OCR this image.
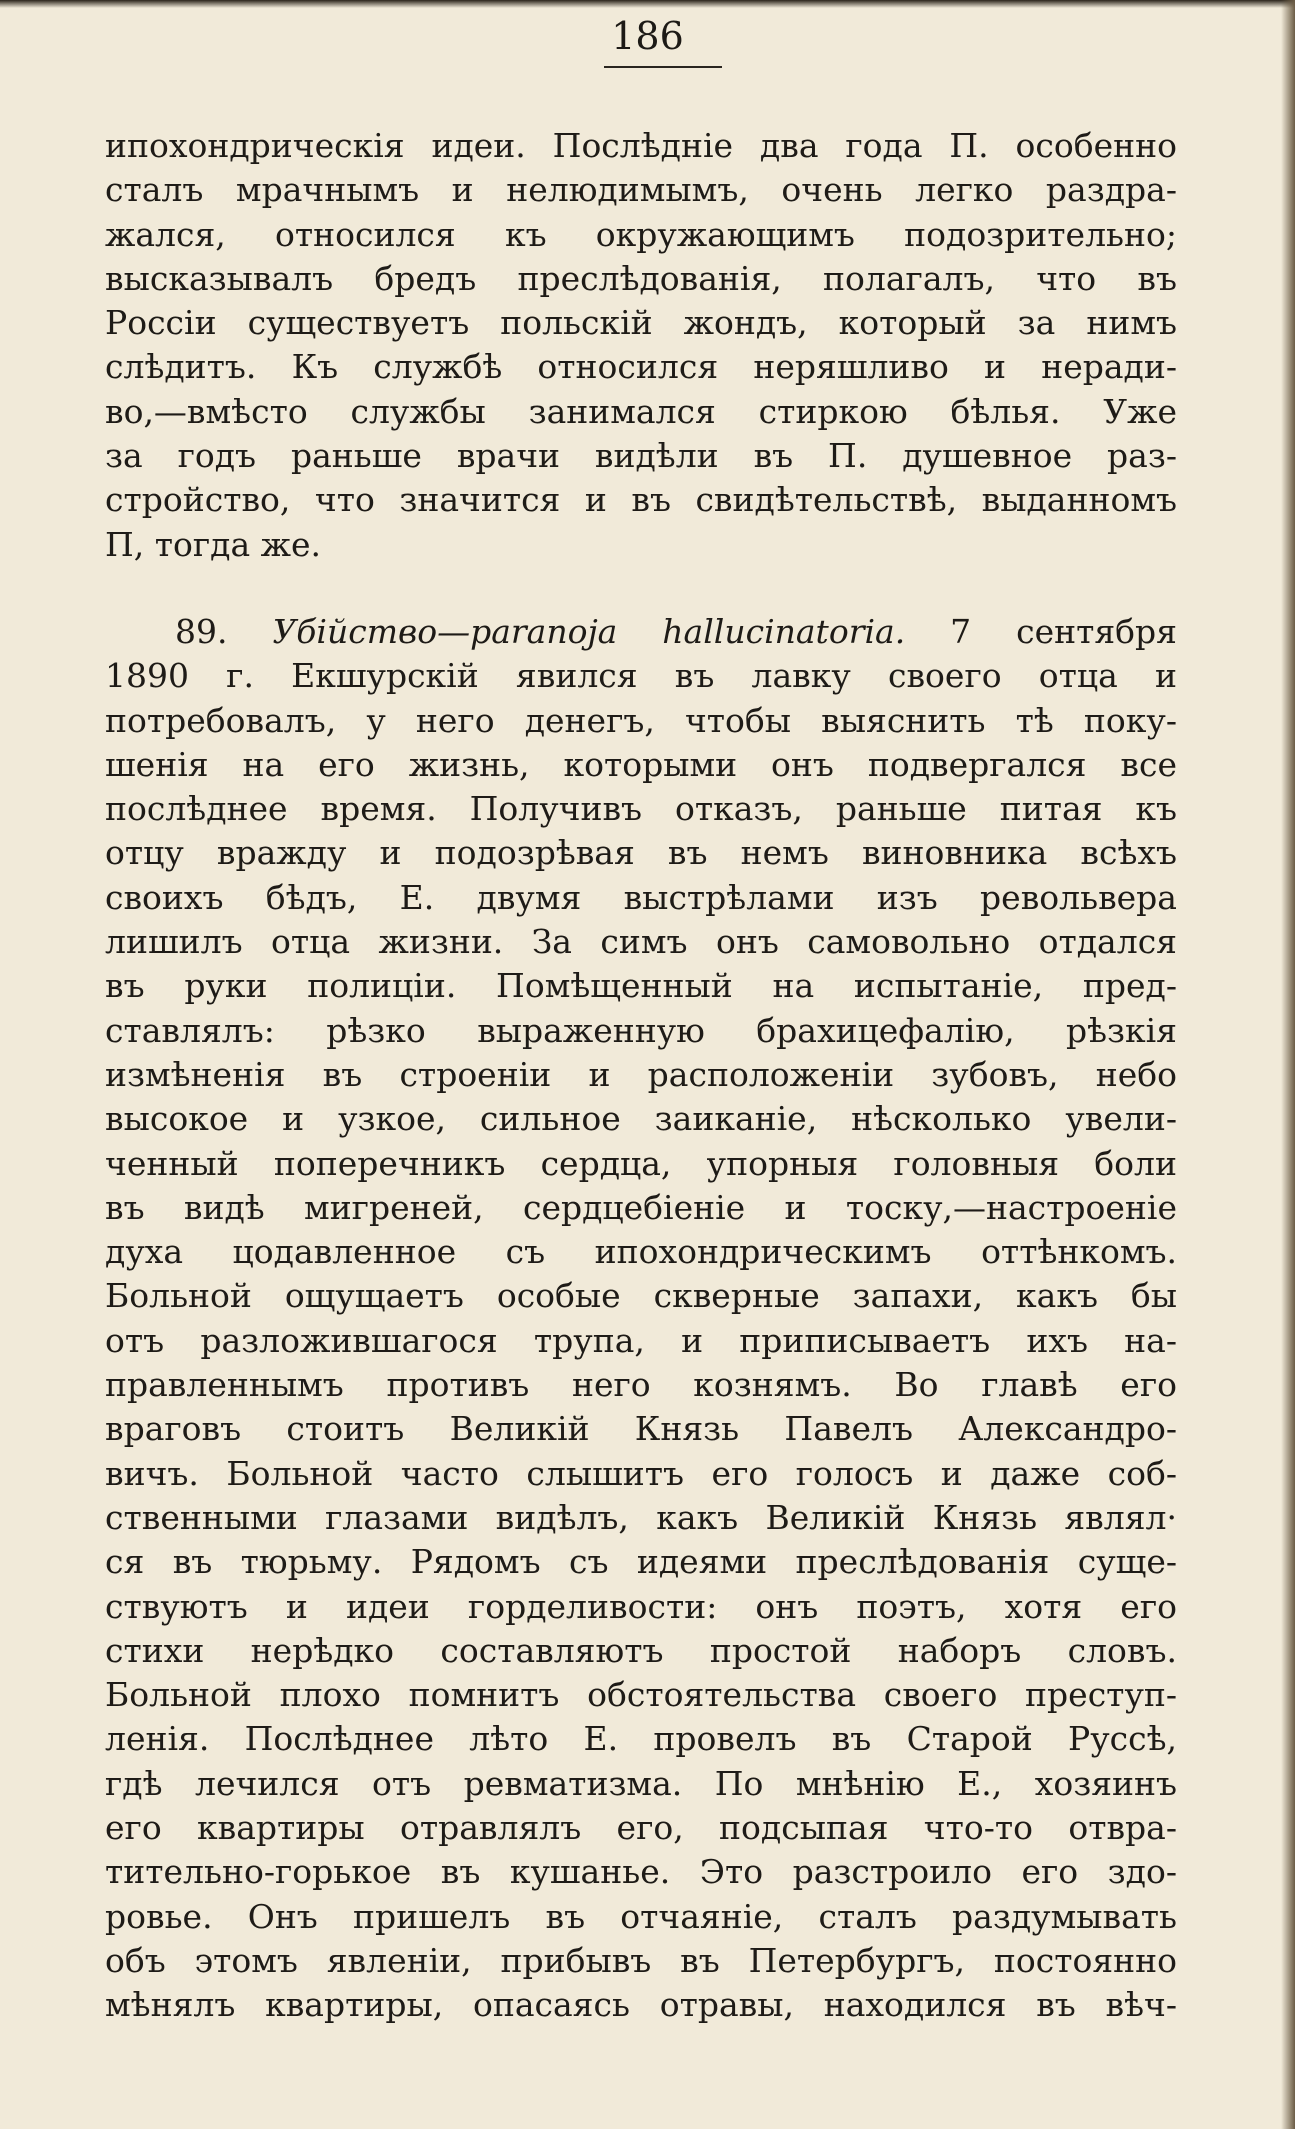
186
ипохондрическія идеи. Послѣдніе два года П. особенно
сталъ мрачнымъ и нелюдимымъ, очень легко раздра-
жался, относился къ окружающимъ подозрительно;
высказывалъ бредъ преслѣдованія, полагалъ, что въ
Россіи существуетъ польскій жондъ, который за нимъ
слѣдитъ. Къ службѣ относился неряшливо и неради-
во,—вмѣсто службы занимался стиркою бѣлья. Уже
за годъ раньше врачи видѣли въ П. душевное раз-
стройство, что значится и въ свидѣтельствѣ, выданномъ
П, тогда же.
89. Убійство—paranoja hallucinatoria. 7 сентября
1890 г. Екшурскій явился въ лавку своего отца и
потребовалъ, у него денегъ, чтобы выяснить тѣ поку-
шенія на его жизнь, которыми онъ подвергался все
послѣднее время. Получивъ отказъ, раньше питая къ
отцу вражду и подозрѣвая въ немъ виновника всѣхъ
своихъ бѣдъ, Е. двумя выстрѣлами изъ револьвера
лишилъ отца жизни. За симъ онъ самовольно отдался
въ руки полиціи. Помѣщенный на испытаніе, пред-
ставлялъ: рѣзко выраженную брахицефалію, рѣзкія
измѣненія въ строеніи и расположеніи зубовъ, небо
высокое и узкое, сильное заиканіе, нѣсколько увели-
ченный поперечникъ сердца, упорныя головныя боли
въ видѣ мигреней, сердцебіеніе и тоску,—настроеніе
духа цодавленное съ ипохондрическимъ оттѣнкомъ.
Больной ощущаетъ особые скверные запахи, какъ бы
отъ разложившагося трупа, и приписываетъ ихъ на-
правленнымъ противъ него кознямъ. Во главѣ его
враговъ стоитъ Великій Князь Павелъ Александро-
вичъ. Больной часто слышитъ его голосъ и даже соб-
ственными глазами видѣлъ, какъ Великій Князь являл·
ся въ тюрьму. Рядомъ съ идеями преслѣдованія суще-
ствуютъ и идеи горделивости: онъ поэтъ, хотя его
стихи нерѣдко составляютъ простой наборъ словъ.
Больной плохо помнитъ обстоятельства своего преступ-
ленія. Послѣднее лѣто Е. провелъ въ Старой Руссѣ,
гдѣ лечился отъ ревматизма. По мнѣнію Е., хозяинъ
его квартиры отравлялъ его, подсыпая что-то отвра-
тительно-горькое въ кушанье. Это разстроило его здо-
ровье. Онъ пришелъ въ отчаяніе, сталъ раздумывать
объ этомъ явленіи, прибывъ въ Петербургъ, постоянно
мѣнялъ квартиры, опасаясь отравы, находился въ вѣч-
